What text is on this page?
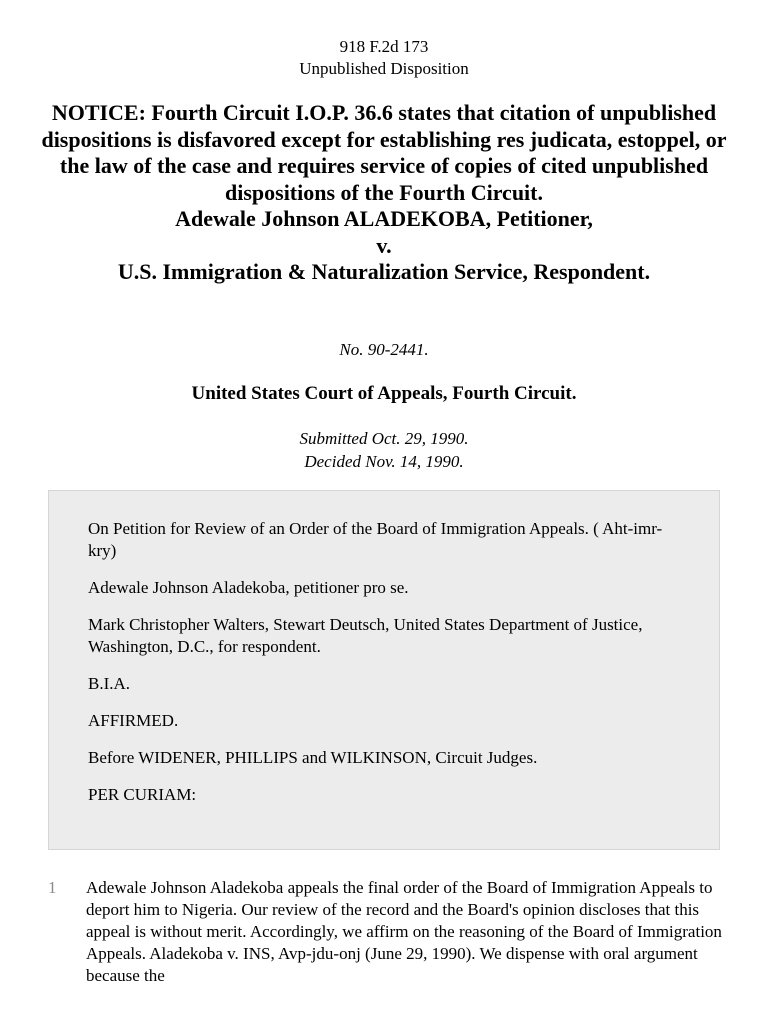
918 F.2d 173
Unpublished Disposition
NOTICE: Fourth Circuit I.O.P. 36.6 states that citation of unpublished dispositions is disfavored except for establishing res judicata, estoppel, or the law of the case and requires service of copies of cited unpublished dispositions of the Fourth Circuit.
Adewale Johnson ALADEKOBA, Petitioner,
v.
U.S. Immigration & Naturalization Service, Respondent.
No. 90-2441.
United States Court of Appeals, Fourth Circuit.
Submitted Oct. 29, 1990.
Decided Nov. 14, 1990.

On Petition for Review of an Order of the Board of Immigration Appeals. ( Aht-imr-kry)

Adewale Johnson Aladekoba, petitioner pro se.

Mark Christopher Walters, Stewart Deutsch, United States Department of Justice, Washington, D.C., for respondent.

B.I.A.

AFFIRMED.

Before WIDENER, PHILLIPS and WILKINSON, Circuit Judges.

PER CURIAM:

1 Adewale Johnson Aladekoba appeals the final order of the Board of Immigration Appeals to deport him to Nigeria. Our review of the record and the Board's opinion discloses that this appeal is without merit. Accordingly, we affirm on the reasoning of the Board of Immigration Appeals. Aladekoba v. INS, Avp-jdu-onj (June 29, 1990). We dispense with oral argument because the
